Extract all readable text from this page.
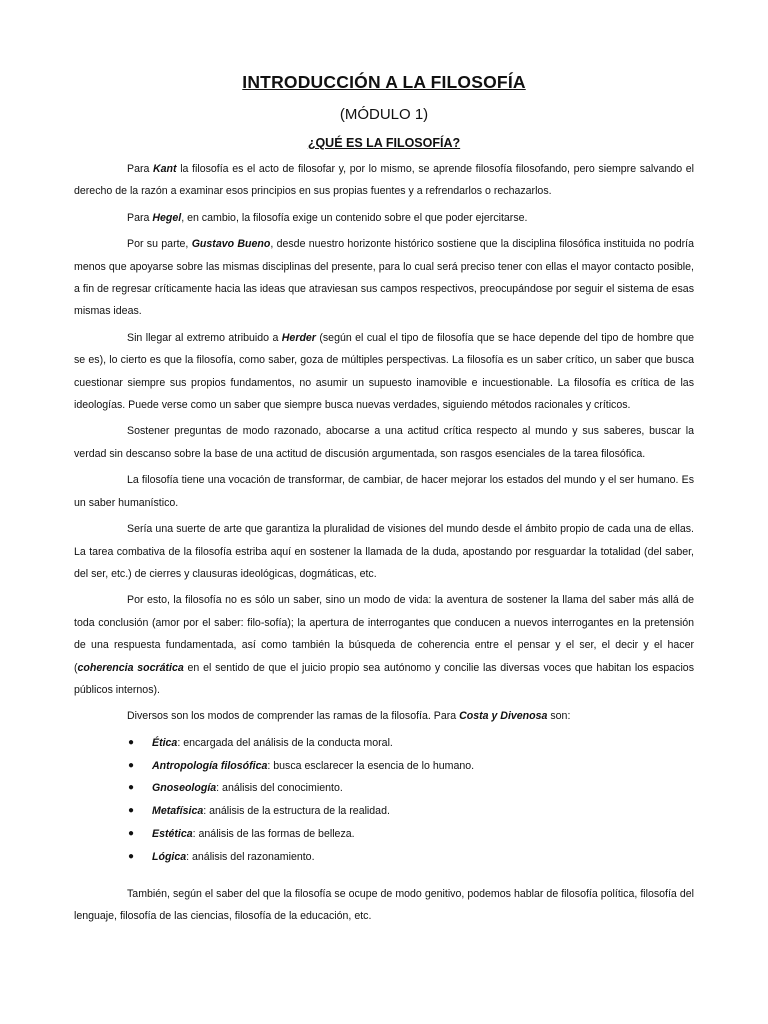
INTRODUCCIÓN A LA FILOSOFÍA
(MÓDULO 1)
¿QUÉ ES LA FILOSOFÍA?

Para Kant la filosofía es el acto de filosofar y, por lo mismo, se aprende filosofía filosofando, pero siempre salvando el derecho de la razón a examinar esos principios en sus propias fuentes y a refrendarlos o rechazarlos.

Para Hegel, en cambio, la filosofía exige un contenido sobre el que poder ejercitarse.

Por su parte, Gustavo Bueno, desde nuestro horizonte histórico sostiene que la disciplina filosófica instituida no podría menos que apoyarse sobre las mismas disciplinas del presente, para lo cual será preciso tener con ellas el mayor contacto posible, a fin de regresar críticamente hacia las ideas que atraviesan sus campos respectivos, preocupándose por seguir el sistema de esas mismas ideas.

Sin llegar al extremo atribuido a Herder (según el cual el tipo de filosofía que se hace depende del tipo de hombre que se es), lo cierto es que la filosofía, como saber, goza de múltiples perspectivas. La filosofía es un saber crítico, un saber que busca cuestionar siempre sus propios fundamentos, no asumir un supuesto inamovible e incuestionable. La filosofía es crítica de las ideologías. Puede verse como un saber que siempre busca nuevas verdades, siguiendo métodos racionales y críticos.

Sostener preguntas de modo razonado, abocarse a una actitud crítica respecto al mundo y sus saberes, buscar la verdad sin descanso sobre la base de una actitud de discusión argumentada, son rasgos esenciales de la tarea filosófica.

La filosofía tiene una vocación de transformar, de cambiar, de hacer mejorar los estados del mundo y el ser humano. Es un saber humanístico.

Sería una suerte de arte que garantiza la pluralidad de visiones del mundo desde el ámbito propio de cada una de ellas. La tarea combativa de la filosofía estriba aquí en sostener la llamada de la duda, apostando por resguardar la totalidad (del saber, del ser, etc.) de cierres y clausuras ideológicas, dogmáticas, etc.

Por esto, la filosofía no es sólo un saber, sino un modo de vida: la aventura de sostener la llama del saber más allá de toda conclusión (amor por el saber: filo-sofía); la apertura de interrogantes que conducen a nuevos interrogantes en la pretensión de una respuesta fundamentada, así como también la búsqueda de coherencia entre el pensar y el ser, el decir y el hacer (coherencia socrática en el sentido de que el juicio propio sea autónomo y concilie las diversas voces que habitan los espacios públicos internos).

Diversos son los modos de comprender las ramas de la filosofía. Para Costa y Divenosa son:

● Ética: encargada del análisis de la conducta moral.
● Antropología filosófica: busca esclarecer la esencia de lo humano.
● Gnoseología: análisis del conocimiento.
● Metafísica: análisis de la estructura de la realidad.
● Estética: análisis de las formas de belleza.
● Lógica: análisis del razonamiento.

También, según el saber del que la filosofía se ocupe de modo genitivo, podemos hablar de filosofía política, filosofía del lenguaje, filosofía de las ciencias, filosofía de la educación, etc.
